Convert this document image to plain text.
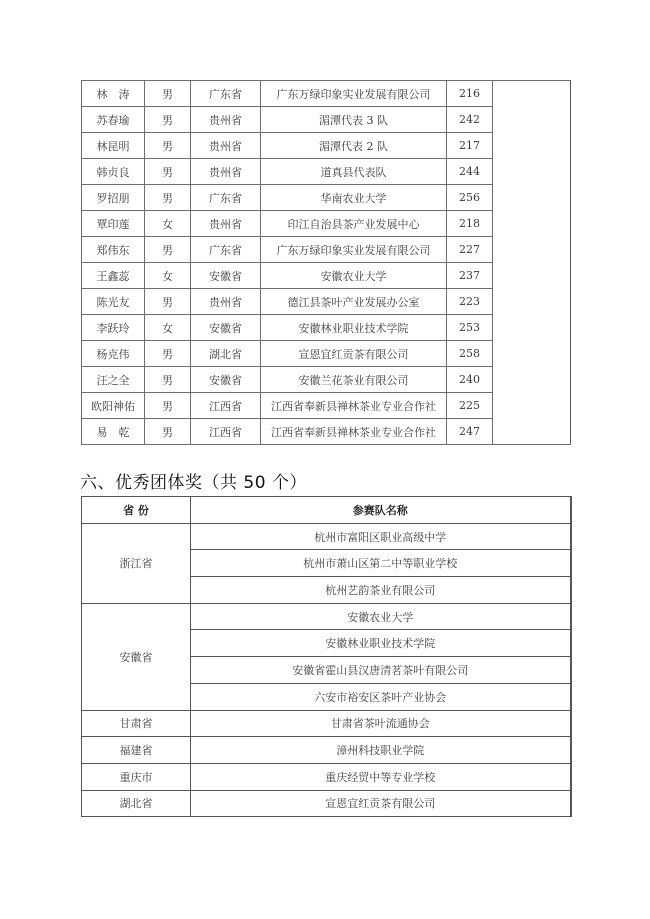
林　涛	男	广东省	广东万绿印象实业发展有限公司	216	
苏春瑜	男	贵州省	湄潭代表 3 队	242	
林昆明	男	贵州省	湄潭代表 2 队	217	
韩贞良	男	贵州省	道真县代表队	244	
罗招朋	男	广东省	华南农业大学	256	
覃印莲	女	贵州省	印江自治县茶产业发展中心	218	
郑伟东	男	广东省	广东万绿印象实业发展有限公司	227	
王鑫蕊	女	安徽省	安徽农业大学	237	
陈光友	男	贵州省	德江县茶叶产业发展办公室	223	
李跃玲	女	安徽省	安徽林业职业技术学院	253	
杨克伟	男	湖北省	宣恩宜红贡茶有限公司	258	
汪之全	男	安徽省	安徽兰花茶业有限公司	240	
欧阳神佑	男	江西省	江西省奉新县禅林茶业专业合作社	225	
易　乾	男	江西省	江西省奉新县禅林茶业专业合作社	247	
六、优秀团体奖（共 50 个）
省 份	参赛队名称
浙江省	杭州市富阳区职业高级中学
	杭州市萧山区第二中等职业学校
	杭州艺韵茶业有限公司
安徽省	安徽农业大学
	安徽林业职业技术学院
	安徽省霍山县汉唐清茗茶叶有限公司
	六安市裕安区茶叶产业协会
甘肃省	甘肃省茶叶流通协会
福建省	漳州科技职业学院
重庆市	重庆经贸中等专业学校
湖北省	宣恩宜红贡茶有限公司
